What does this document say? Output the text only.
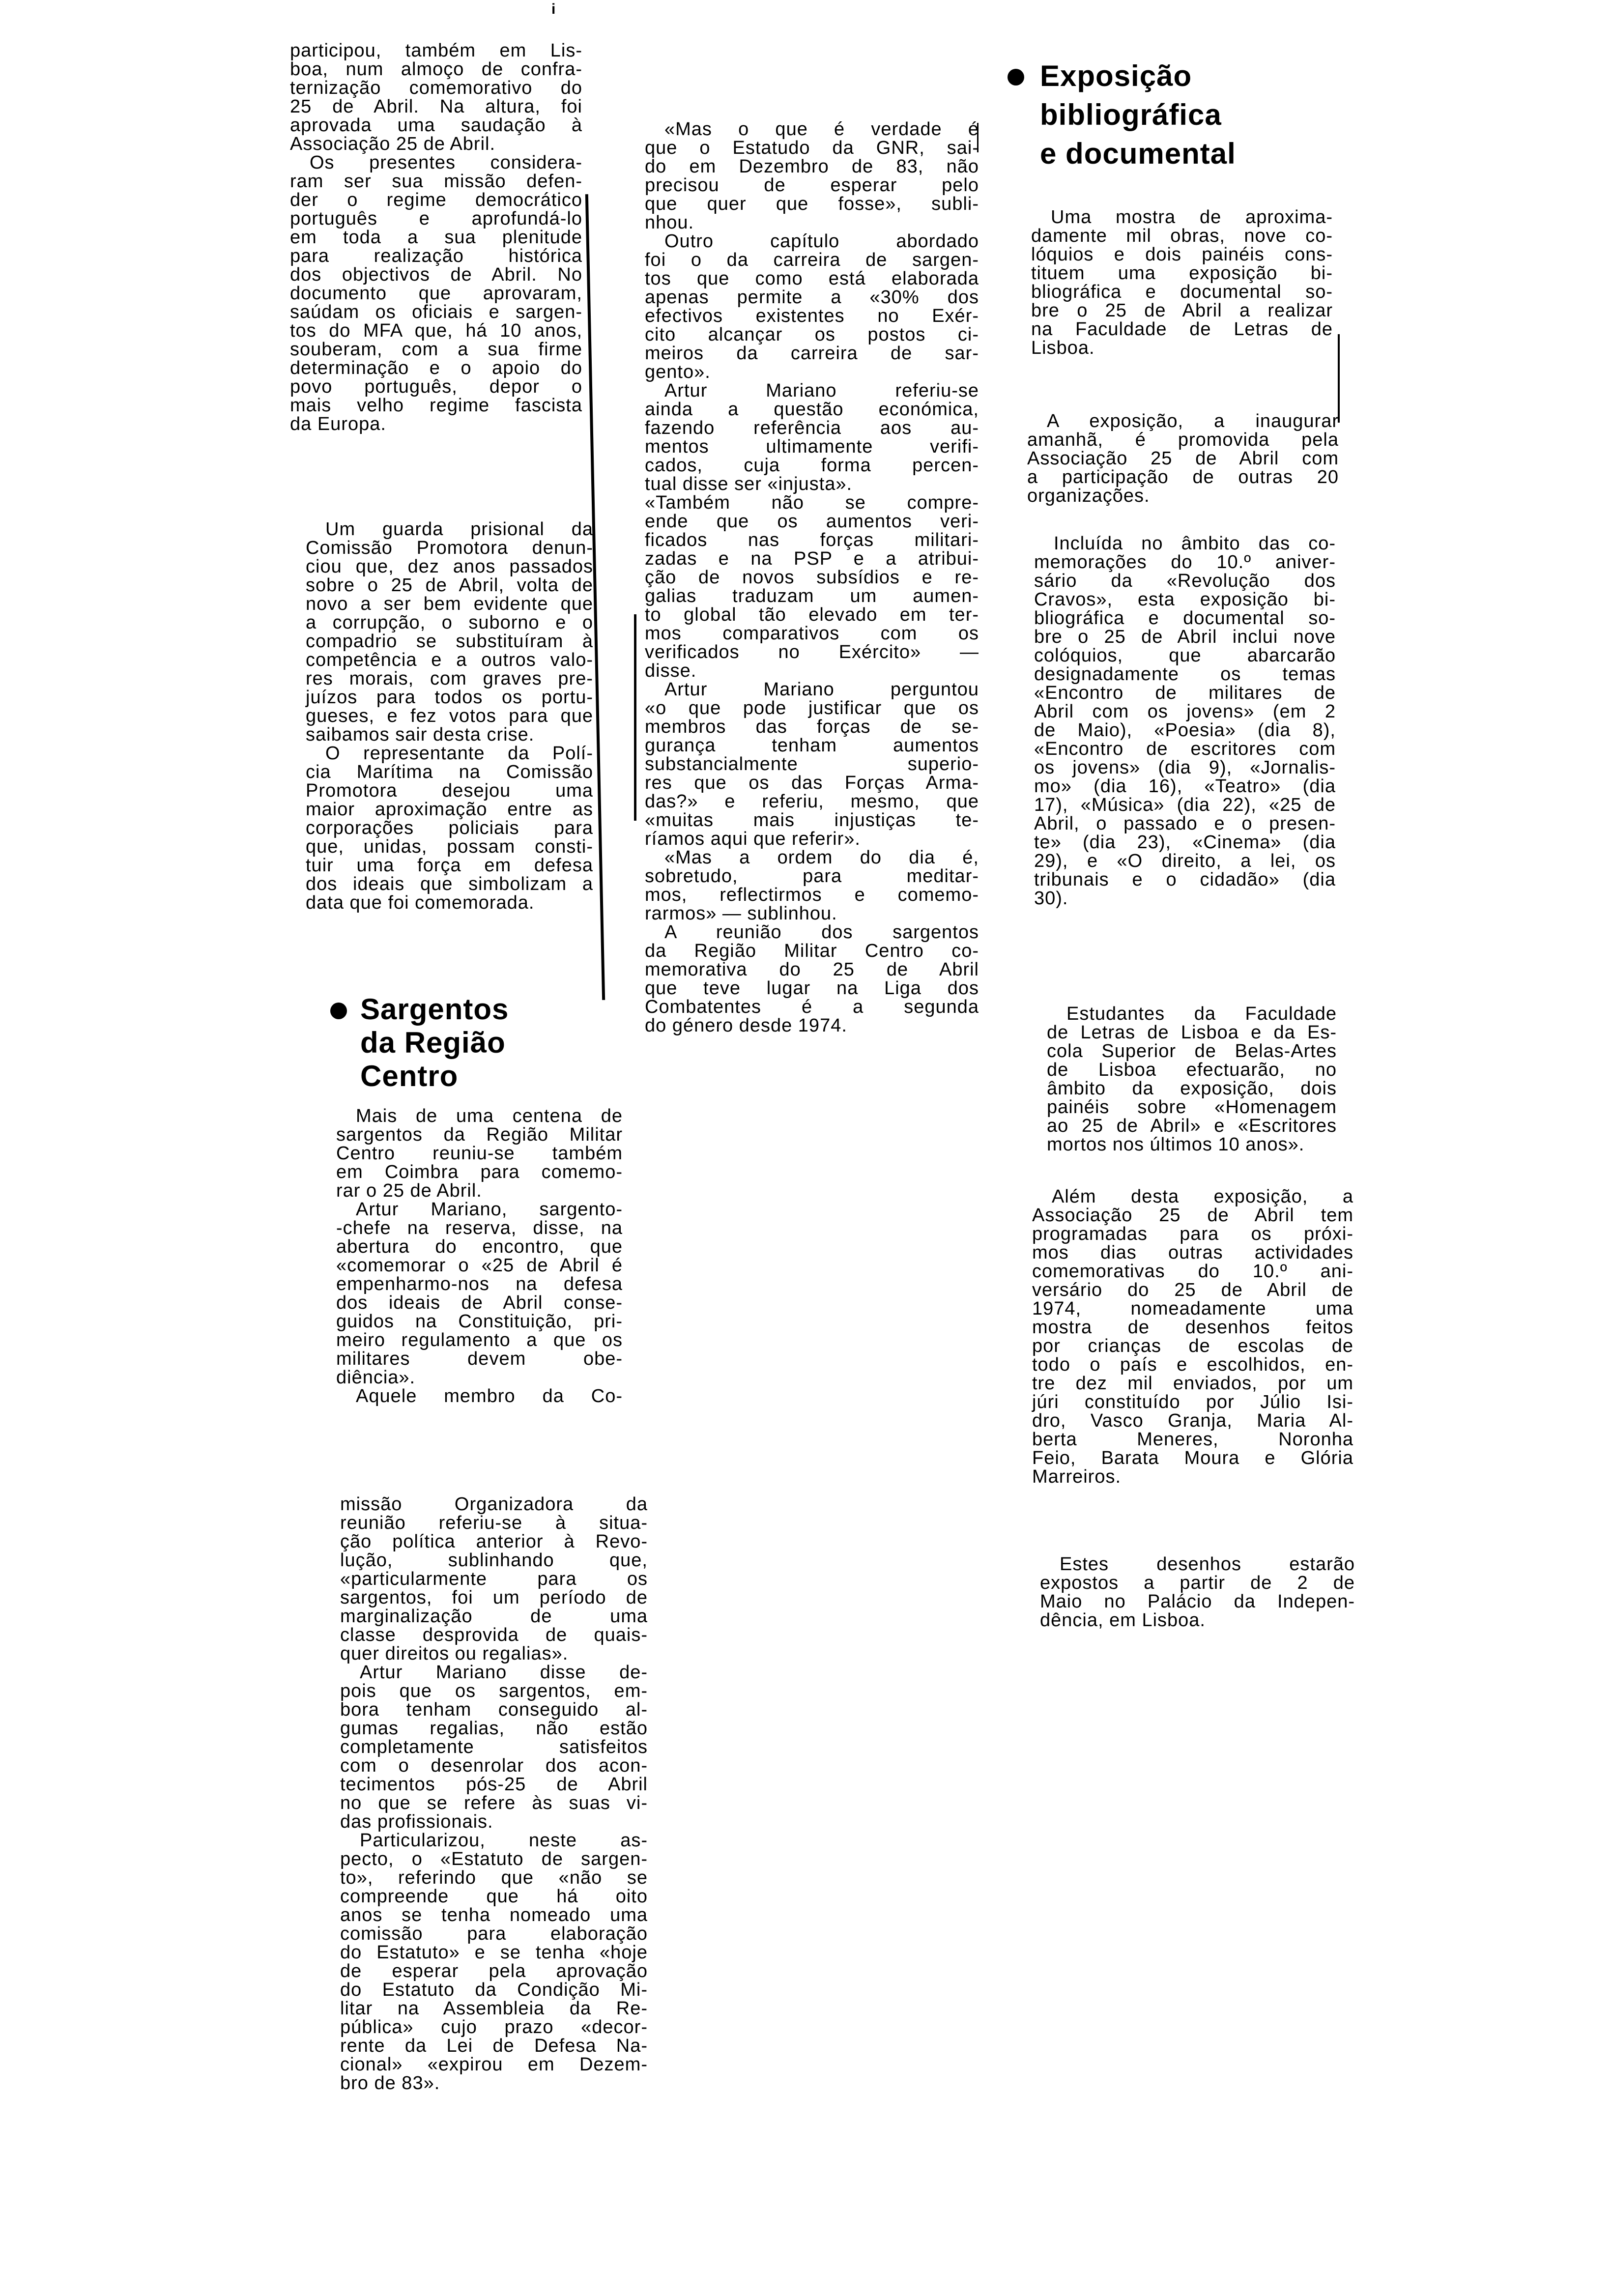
i
participou, também em Lis-
boa, num almoço de confra-
ternização comemorativo do
25 de Abril. Na altura, foi
aprovada uma saudação à
Associação 25 de Abril.
Os presentes considera-
ram ser sua missão defen-
der o regime democrático
português e aprofundá-lo
em toda a sua plenitude
para realização histórica
dos objectivos de Abril. No
documento que aprovaram,
saúdam os oficiais e sargen-
tos do MFA que, há 10 anos,
souberam, com a sua firme
determinação e o apoio do
povo português, depor o
mais velho regime fascista
da Europa.
Um guarda prisional da
Comissão Promotora denun-
ciou que, dez anos passados
sobre o 25 de Abril, volta de
novo a ser bem evidente que
a corrupção, o suborno e o
compadrio se substituíram à
competência e a outros valo-
res morais, com graves pre-
juízos para todos os portu-
gueses, e fez votos para que
saibamos sair desta crise.
O representante da Polí-
cia Marítima na Comissão
Promotora desejou uma
maior aproximação entre as
corporações policiais para
que, unidas, possam consti-
tuir uma força em defesa
dos ideais que simbolizam a
data que foi comemorada.
Sargentos
da Região
Centro
Mais de uma centena de
sargentos da Região Militar
Centro reuniu-se também
em Coimbra para comemo-
rar o 25 de Abril.
Artur Mariano, sargento-
-chefe na reserva, disse, na
abertura do encontro, que
«comemorar o «25 de Abril é
empenharmo-nos na defesa
dos ideais de Abril conse-
guidos na Constituição, pri-
meiro regulamento a que os
militares devem obe-
diência».
Aquele membro da Co-
missão Organizadora da
reunião referiu-se à situa-
ção política anterior à Revo-
lução, sublinhando que,
«particularmente para os
sargentos, foi um período de
marginalização de uma
classe desprovida de quais-
quer direitos ou regalias».
Artur Mariano disse de-
pois que os sargentos, em-
bora tenham conseguido al-
gumas regalias, não estão
completamente satisfeitos
com o desenrolar dos acon-
tecimentos pós-25 de Abril
no que se refere às suas vi-
das profissionais.
Particularizou, neste as-
pecto, o «Estatuto de sargen-
to», referindo que «não se
compreende que há oito
anos se tenha nomeado uma
comissão para elaboração
do Estatuto» e se tenha «hoje
de esperar pela aprovação
do Estatuto da Condição Mi-
litar na Assembleia da Re-
pública» cujo prazo «decor-
rente da Lei de Defesa Na-
cional» «expirou em Dezem-
bro de 83».
«Mas o que é verdade é
que o Estatudo da GNR, sai-
do em Dezembro de 83, não
precisou de esperar pelo
que quer que fosse», subli-
nhou.
Outro capítulo abordado
foi o da carreira de sargen-
tos que como está elaborada
apenas permite a «30% dos
efectivos existentes no Exér-
cito alcançar os postos ci-
meiros da carreira de sar-
gento».
Artur Mariano referiu-se
ainda a questão económica,
fazendo referência aos au-
mentos ultimamente verifi-
cados, cuja forma percen-
tual disse ser «injusta».
«Também não se compre-
ende que os aumentos veri-
ficados nas forças militari-
zadas e na PSP e a atribui-
ção de novos subsídios e re-
galias traduzam um aumen-
to global tão elevado em ter-
mos comparativos com os
verificados no Exército» —
disse.
Artur Mariano perguntou
«o que pode justificar que os
membros das forças de se-
gurança tenham aumentos
substancialmente superio-
res que os das Forças Arma-
das?» e referiu, mesmo, que
«muitas mais injustiças te-
ríamos aqui que referir».
«Mas a ordem do dia é,
sobretudo, para meditar-
mos, reflectirmos e comemo-
rarmos» — sublinhou.
A reunião dos sargentos
da Região Militar Centro co-
memorativa do 25 de Abril
que teve lugar na Liga dos
Combatentes é a segunda
do género desde 1974.
Exposição
bibliográfica
e documental
Uma mostra de aproxima-
damente mil obras, nove co-
lóquios e dois painéis cons-
tituem uma exposição bi-
bliográfica e documental so-
bre o 25 de Abril a realizar
na Faculdade de Letras de
Lisboa.
A exposição, a inaugurar
amanhã, é promovida pela
Associação 25 de Abril com
a participação de outras 20
organizações.
Incluída no âmbito das co-
memorações do 10.º aniver-
sário da «Revolução dos
Cravos», esta exposição bi-
bliográfica e documental so-
bre o 25 de Abril inclui nove
colóquios, que abarcarão
designadamente os temas
«Encontro de militares de
Abril com os jovens» (em 2
de Maio), «Poesia» (dia 8),
«Encontro de escritores com
os jovens» (dia 9), «Jornalis-
mo» (dia 16), «Teatro» (dia
17), «Música» (dia 22), «25 de
Abril, o passado e o presen-
te» (dia 23), «Cinema» (dia
29), e «O direito, a lei, os
tribunais e o cidadão» (dia
30).
Estudantes da Faculdade
de Letras de Lisboa e da Es-
cola Superior de Belas-Artes
de Lisboa efectuarão, no
âmbito da exposição, dois
painéis sobre «Homenagem
ao 25 de Abril» e «Escritores
mortos nos últimos 10 anos».
Além desta exposição, a
Associação 25 de Abril tem
programadas para os próxi-
mos dias outras actividades
comemorativas do 10.º ani-
versário do 25 de Abril de
1974, nomeadamente uma
mostra de desenhos feitos
por crianças de escolas de
todo o país e escolhidos, en-
tre dez mil enviados, por um
júri constituído por Júlio Isi-
dro, Vasco Granja, Maria Al-
berta Meneres, Noronha
Feio, Barata Moura e Glória
Marreiros.
Estes desenhos estarão
expostos a partir de 2 de
Maio no Palácio da Indepen-
dência, em Lisboa.
